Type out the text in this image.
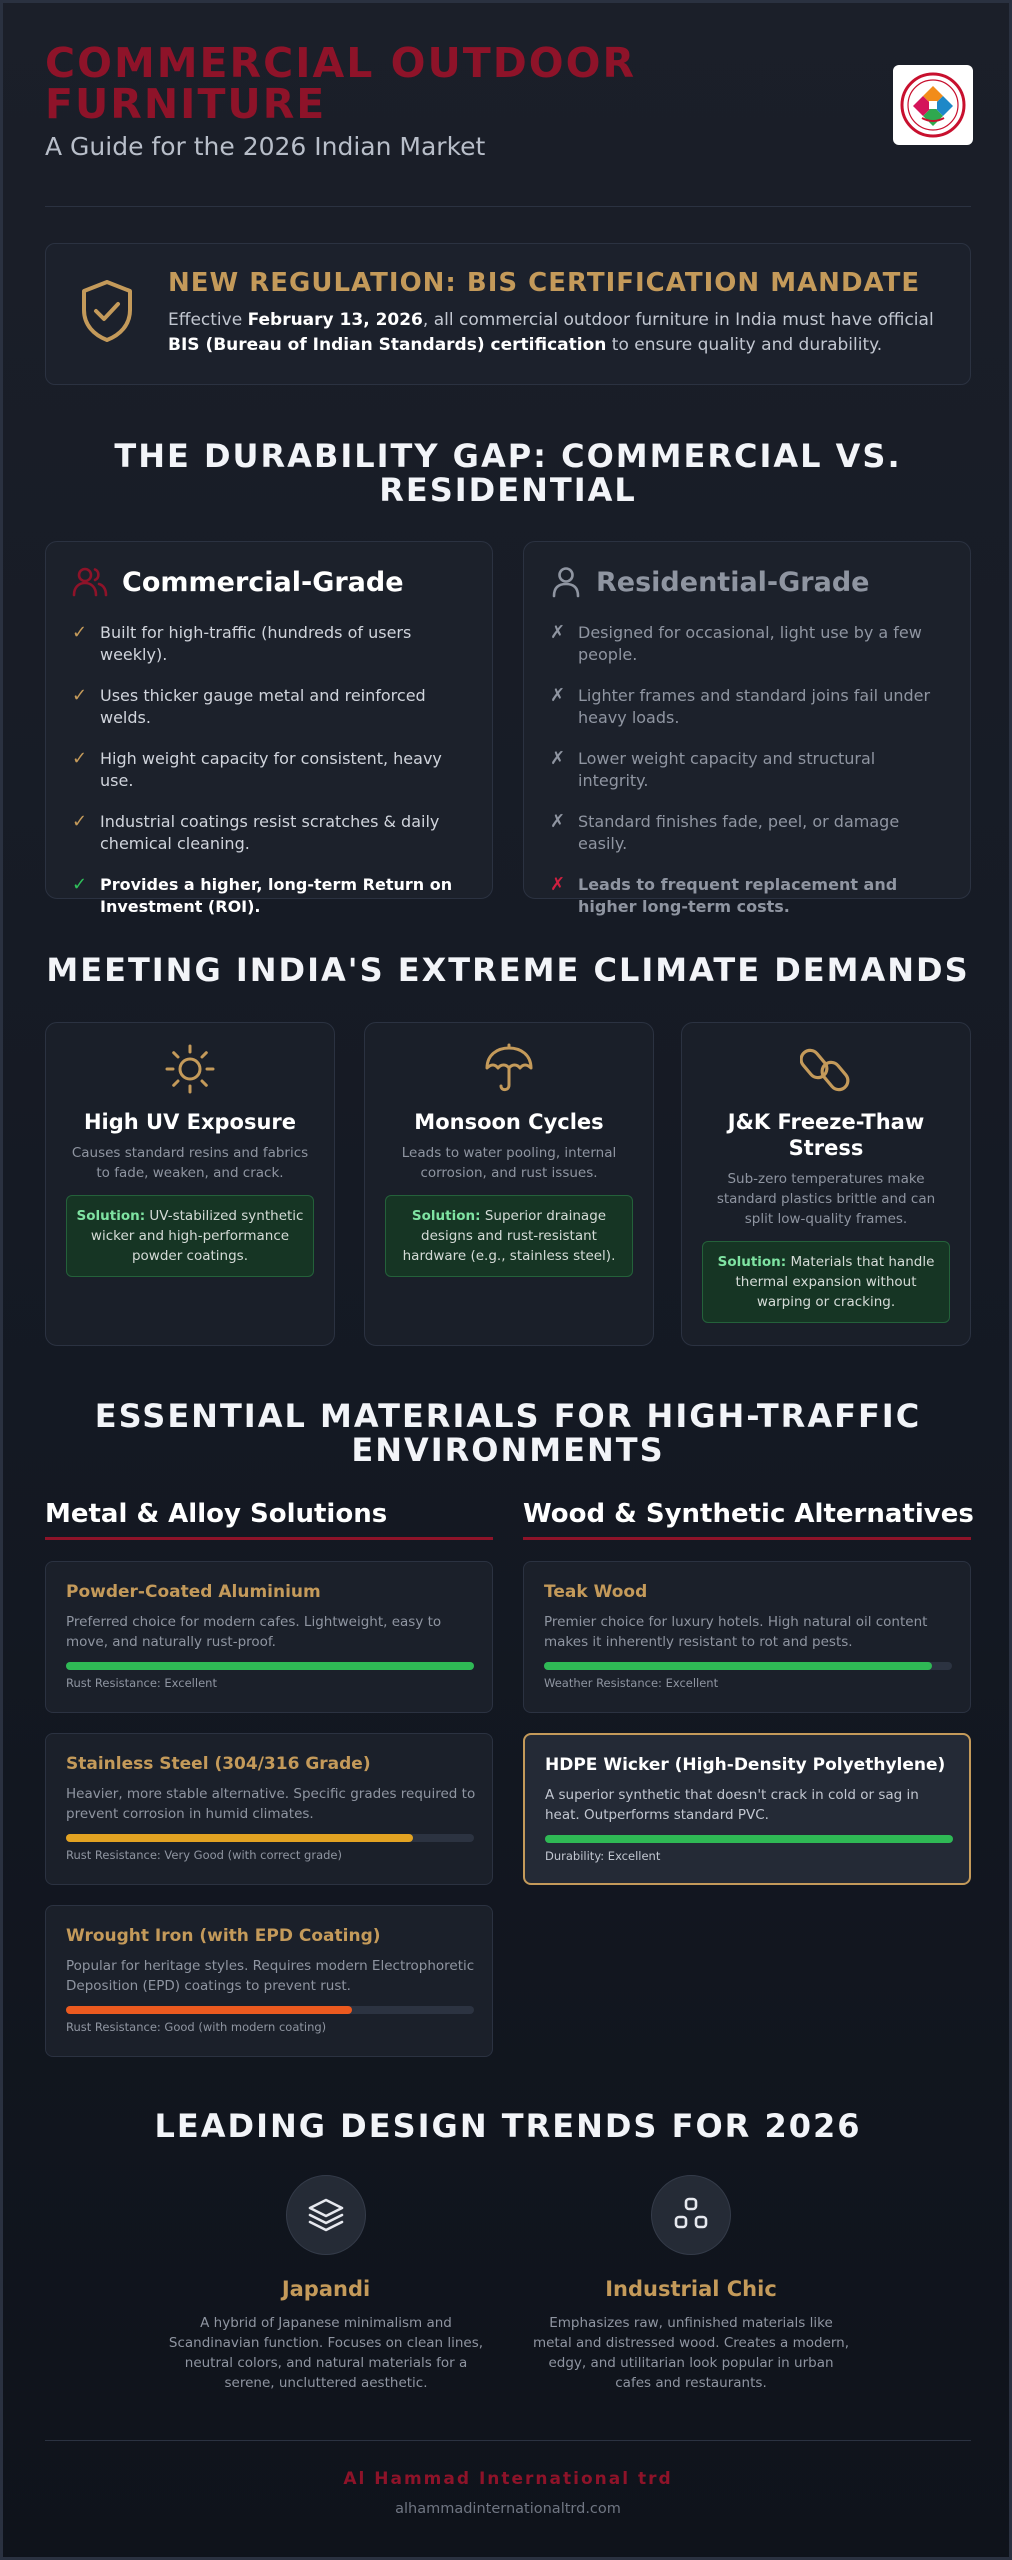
COMMERCIAL OUTDOOR FURNITURE
A Guide for the 2026 Indian Market
NEW REGULATION: BIS CERTIFICATION MANDATE
Effective February 13, 2026, all commercial outdoor furniture in India must have official BIS (Bureau of Indian Standards) certification to ensure quality and durability.
THE DURABILITY GAP: COMMERCIAL VS. RESIDENTIAL
Commercial-Grade
✓ Built for high-traffic (hundreds of users weekly).
✓ Uses thicker gauge metal and reinforced welds.
✓ High weight capacity for consistent, heavy use.
✓ Industrial coatings resist scratches & daily chemical cleaning.
✓ Provides a higher, long-term Return on Investment (ROI).
Residential-Grade
✗ Designed for occasional, light use by a few people.
✗ Lighter frames and standard joins fail under heavy loads.
✗ Lower weight capacity and structural integrity.
✗ Standard finishes fade, peel, or damage easily.
✗ Leads to frequent replacement and higher long-term costs.
MEETING INDIA'S EXTREME CLIMATE DEMANDS
High UV Exposure
Causes standard resins and fabrics to fade, weaken, and crack.
Solution: UV-stabilized synthetic wicker and high-performance powder coatings.
Monsoon Cycles
Leads to water pooling, internal corrosion, and rust issues.
Solution: Superior drainage designs and rust-resistant hardware (e.g., stainless steel).
J&K Freeze-Thaw Stress
Sub-zero temperatures make standard plastics brittle and can split low-quality frames.
Solution: Materials that handle thermal expansion without warping or cracking.
ESSENTIAL MATERIALS FOR HIGH-TRAFFIC ENVIRONMENTS
Metal & Alloy Solutions	Wood & Synthetic Alternatives
Powder-Coated Aluminium
Preferred choice for modern cafes. Lightweight, easy to move, and naturally rust-proof.
Rust Resistance: Excellent
Stainless Steel (304/316 Grade)
Heavier, more stable alternative. Specific grades required to prevent corrosion in humid climates.
Rust Resistance: Very Good (with correct grade)
Wrought Iron (with EPD Coating)
Popular for heritage styles. Requires modern Electrophoretic Deposition (EPD) coatings to prevent rust.
Rust Resistance: Good (with modern coating)
Teak Wood
Premier choice for luxury hotels. High natural oil content makes it inherently resistant to rot and pests.
Weather Resistance: Excellent
HDPE Wicker (High-Density Polyethylene)
A superior synthetic that doesn't crack in cold or sag in heat. Outperforms standard PVC.
Durability: Excellent
LEADING DESIGN TRENDS FOR 2026
Japandi
A hybrid of Japanese minimalism and Scandinavian function. Focuses on clean lines, neutral colors, and natural materials for a serene, uncluttered aesthetic.
Industrial Chic
Emphasizes raw, unfinished materials like metal and distressed wood. Creates a modern, edgy, and utilitarian look popular in urban cafes and restaurants.
Al Hammad International trd
alhammadinternationaltrd.com
